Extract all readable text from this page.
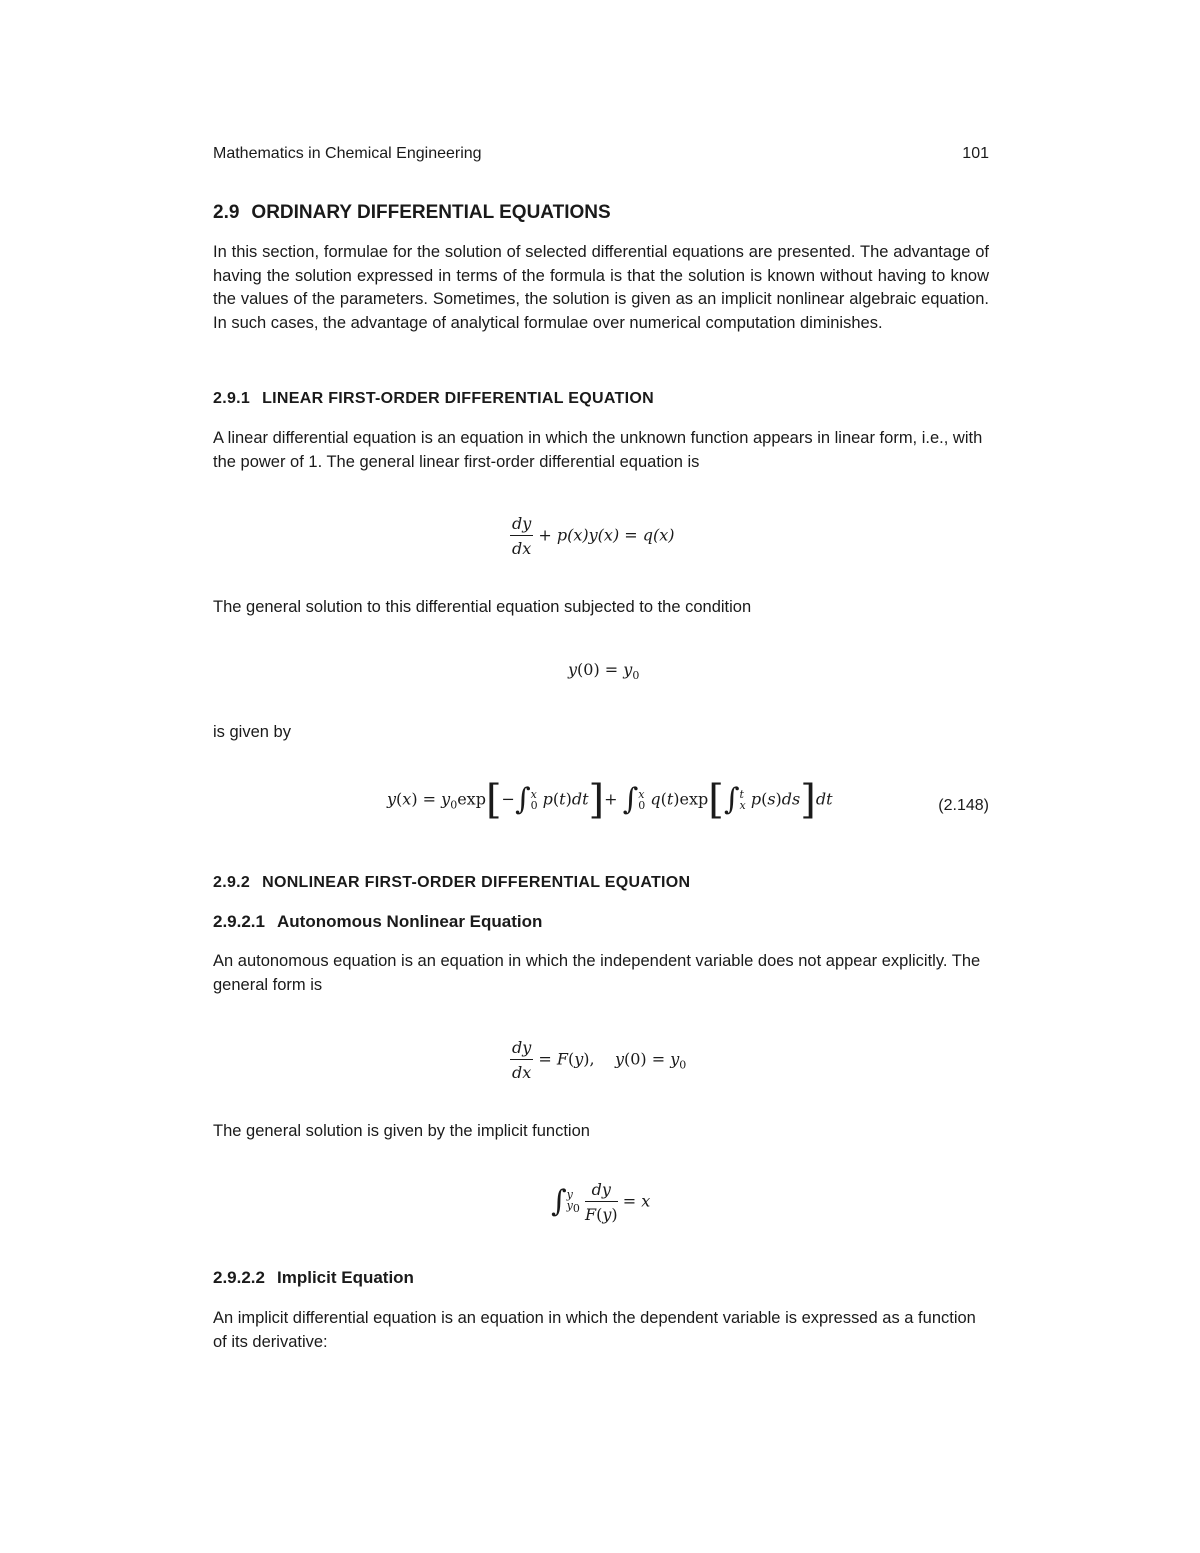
Mathematics in Chemical Engineering	101
2.9 ORDINARY DIFFERENTIAL EQUATIONS
In this section, formulae for the solution of selected differential equations are presented. The advantage of having the solution expressed in terms of the formula is that the solution is known without having to know the values of the parameters. Sometimes, the solution is given as an implicit nonlinear algebraic equation. In such cases, the advantage of analytical formulae over numerical computation diminishes.
2.9.1 LINEAR FIRST-ORDER DIFFERENTIAL EQUATION
A linear differential equation is an equation in which the unknown function appears in linear form, i.e., with the power of 1. The general linear first-order differential equation is
$\frac{dy}{dx} + p(x)y(x) = q(x)$
The general solution to this differential equation subjected to the condition
$y(0) = y_0$
is given by
$y(x) = y_0\exp[-\int$ x
0 p(t)dt]+ ∫ x
0 q(t)exp[∫ t
x p(s)ds]dt	(2.148)
2.9.2 NONLINEAR FIRST-ORDER DIFFERENTIAL EQUATION
2.9.2.1 Autonomous Nonlinear Equation
An autonomous equation is an equation in which the independent variable does not appear explicitly. The general form is
$\frac{dy}{dx} = F(y)$,    $y(0) = y_0$
The general solution is given by the implicit function
∫ y
$y_0$
$\frac{dy}{F(y)} = x$
2.9.2.2 Implicit Equation
An implicit differential equation is an equation in which the dependent variable is expressed as a function of its derivative:
